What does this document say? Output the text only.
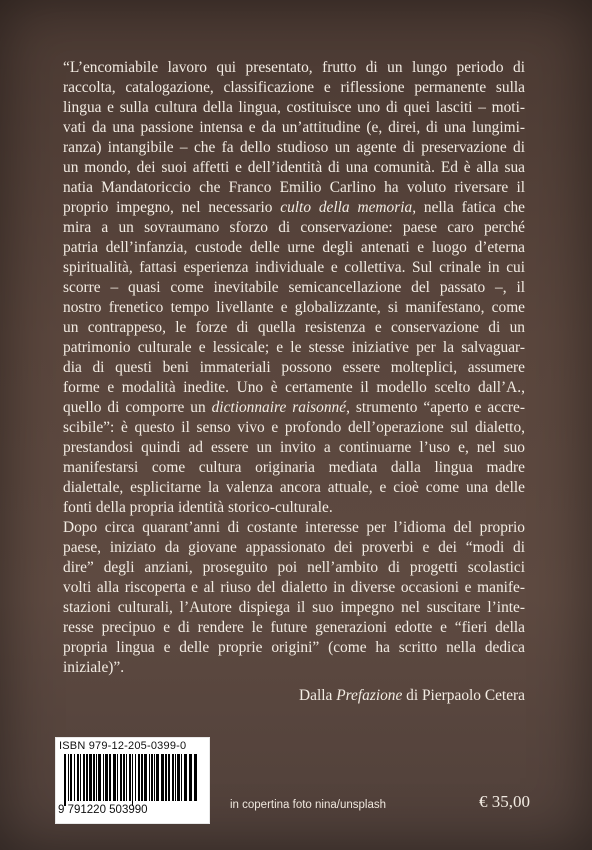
“L’encomiabile lavoro qui presentato, frutto di un lungo periodo di
raccolta, catalogazione, classificazione e riflessione permanente sulla
lingua e sulla cultura della lingua, costituisce uno di quei lasciti – moti-
vati da una passione intensa e da un’attitudine (e, direi, di una lungimi-
ranza) intangibile – che fa dello studioso un agente di preservazione di
un mondo, dei suoi affetti e dell’identità di una comunità. Ed è alla sua
natia Mandatoriccio che Franco Emilio Carlino ha voluto riversare il
proprio impegno, nel necessario culto della memoria, nella fatica che
mira a un sovraumano sforzo di conservazione: paese caro perché
patria dell’infanzia, custode delle urne degli antenati e luogo d’eterna
spiritualità, fattasi esperienza individuale e collettiva. Sul crinale in cui
scorre – quasi come inevitabile semicancellazione del passato –, il
nostro frenetico tempo livellante e globalizzante, si manifestano, come
un contrappeso, le forze di quella resistenza e conservazione di un
patrimonio culturale e lessicale; e le stesse iniziative per la salvaguar-
dia di questi beni immateriali possono essere molteplici, assumere
forme e modalità inedite. Uno è certamente il modello scelto dall’A.,
quello di comporre un dictionnaire raisonné, strumento “aperto e accre-
scibile”: è questo il senso vivo e profondo dell’operazione sul dialetto,
prestandosi quindi ad essere un invito a continuarne l’uso e, nel suo
manifestarsi come cultura originaria mediata dalla lingua madre
dialettale, esplicitarne la valenza ancora attuale, e cioè come una delle
fonti della propria identità storico-culturale.
Dopo circa quarant’anni di costante interesse per l’idioma del proprio
paese, iniziato da giovane appassionato dei proverbi e dei “modi di
dire” degli anziani, proseguito poi nell’ambito di progetti scolastici
volti alla riscoperta e al riuso del dialetto in diverse occasioni e manife-
stazioni culturali, l’Autore dispiega il suo impegno nel suscitare l’inte-
resse precipuo e di rendere le future generazioni edotte e “fieri della
propria lingua e delle proprie origini” (come ha scritto nella dedica
iniziale)”.
Dalla Prefazione di Pierpaolo Cetera
ISBN 979-12-205-0399-0
9 791220 503990	in copertina foto nina/unsplash	€ 35,00
